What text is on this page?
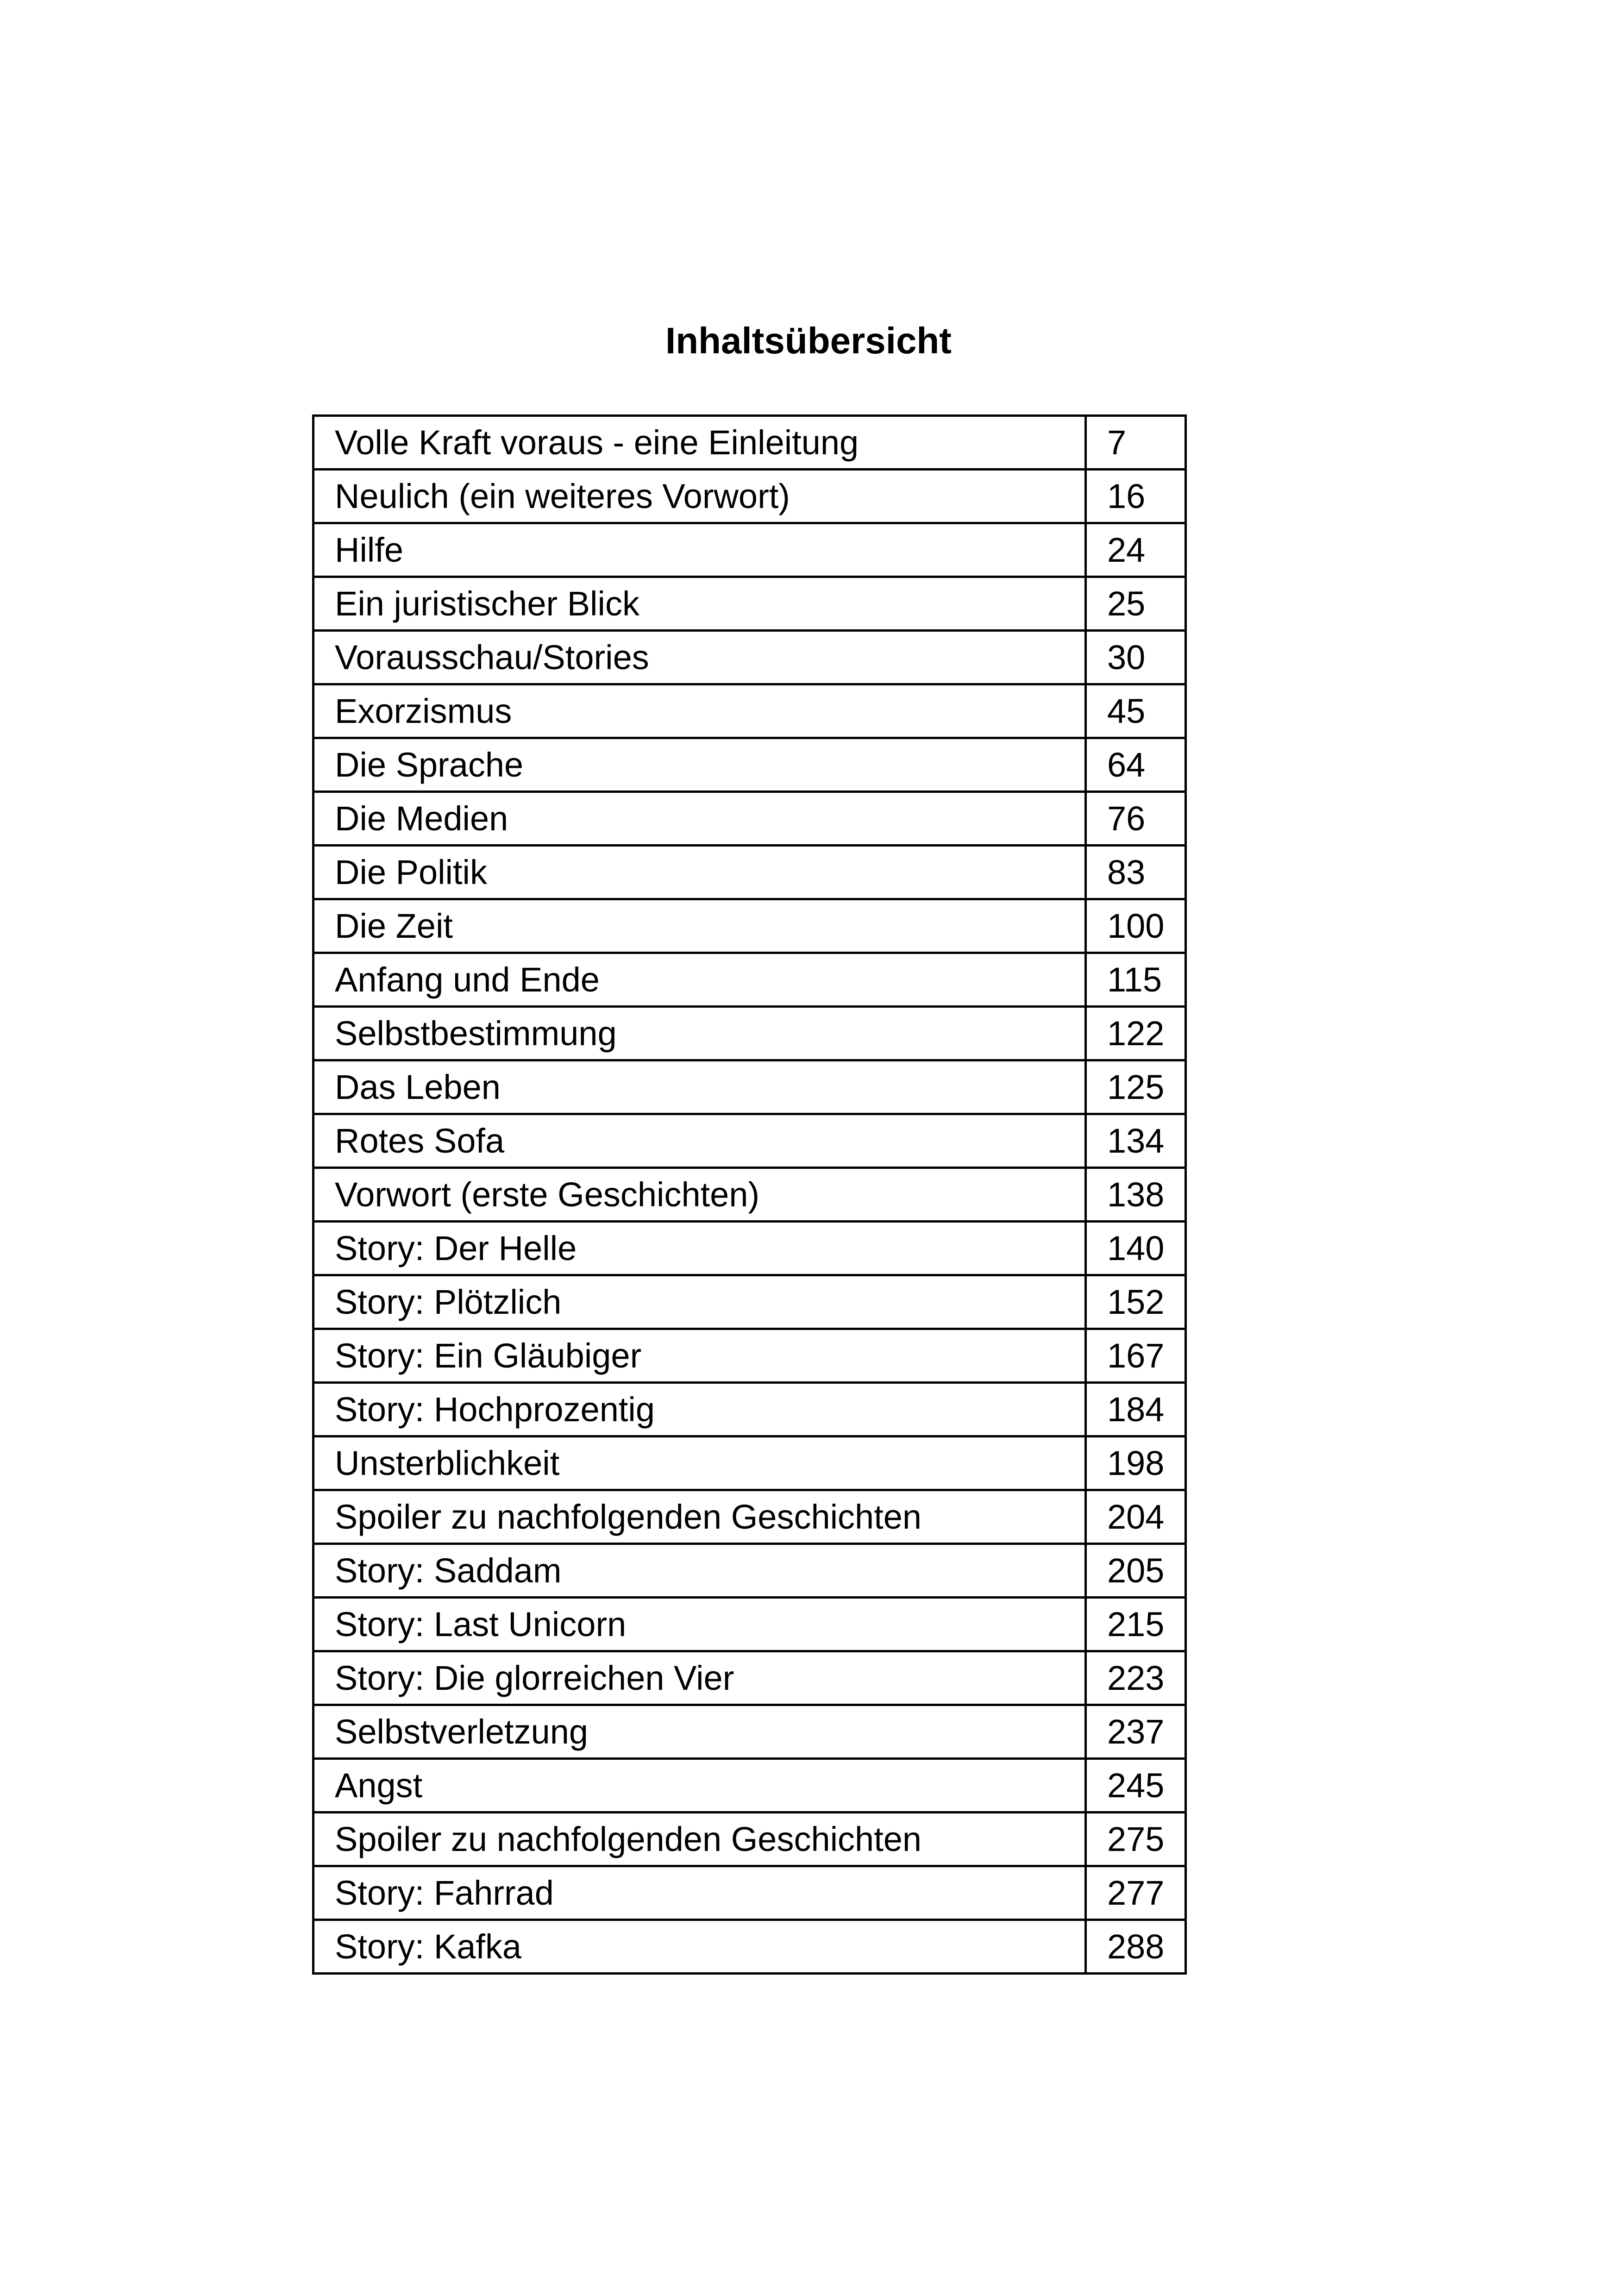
Inhaltsübersicht
Volle Kraft voraus - eine Einleitung	7
Neulich (ein weiteres Vorwort)	16
Hilfe	24
Ein juristischer Blick	25
Vorausschau/Stories	30
Exorzismus	45
Die Sprache	64
Die Medien	76
Die Politik	83
Die Zeit	100
Anfang und Ende	115
Selbstbestimmung	122
Das Leben	125
Rotes Sofa	134
Vorwort (erste Geschichten)	138
Story: Der Helle	140
Story: Plötzlich	152
Story: Ein Gläubiger	167
Story: Hochprozentig	184
Unsterblichkeit	198
Spoiler zu nachfolgenden Geschichten	204
Story: Saddam	205
Story: Last Unicorn	215
Story: Die glorreichen Vier	223
Selbstverletzung	237
Angst	245
Spoiler zu nachfolgenden Geschichten	275
Story: Fahrrad	277
Story: Kafka	288
